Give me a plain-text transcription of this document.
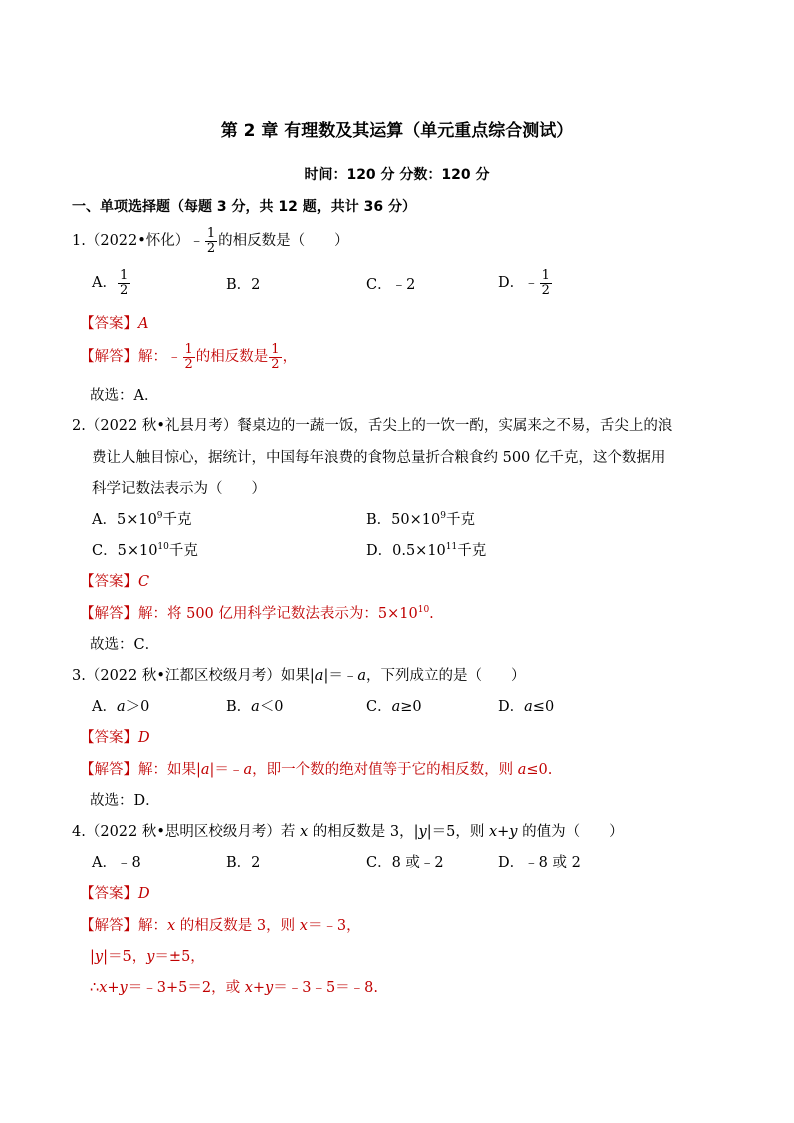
第 2 章 有理数及其运算（单元重点综合测试）
时间：120 分 分数：120 分
一、单项选择题（每题 3 分，共 12 题，共计 36 分）
1.（2022•怀化）﹣ $\frac{1}{2}$ 的相反数是（　　）
A． $\frac{1}{2}$	B．2	C．﹣2	D．﹣ $\frac{1}{2}$
【答案】A
【解答】解：﹣ $\frac{1}{2}$ 的相反数是 $\frac{1}{2}$ ，
故选：A．
2.（2022 秋•礼县月考）餐桌边的一蔬一饭，舌尖上的一饮一酌，实属来之不易，舌尖上的浪
费让人触目惊心，据统计，中国每年浪费的食物总量折合粮食约 500 亿千克，这个数据用
科学记数法表示为（　　）
A．$5\times 10^9$千克	B．$50\times 10^9$千克
C．$5\times 10^{10}$千克	D．$0.5\times 10^{11}$千克
【答案】C
【解答】解：将 500 亿用科学记数法表示为：$5\times 10^{10}$.
故选：C．
3.（2022 秋•江都区校级月考）如果|a|＝﹣a，下列成立的是（　　）
A．a＞0	B．a＜0	C．a≥0	D．a≤0
【答案】D
【解答】解：如果|a|＝﹣a，即一个数的绝对值等于它的相反数，则 a≤0.
故选：D．
4.（2022 秋•思明区校级月考）若 x 的相反数是 3，|y|＝5，则 x+y 的值为（　　）
A．﹣8	B．2	C．8 或﹣2	D．﹣8 或 2
【答案】D
【解答】解：x 的相反数是 3，则 x＝﹣3，
|y|＝5，y＝±5，
∴x+y＝﹣3+5＝2，或 x+y＝﹣3﹣5＝﹣8.
